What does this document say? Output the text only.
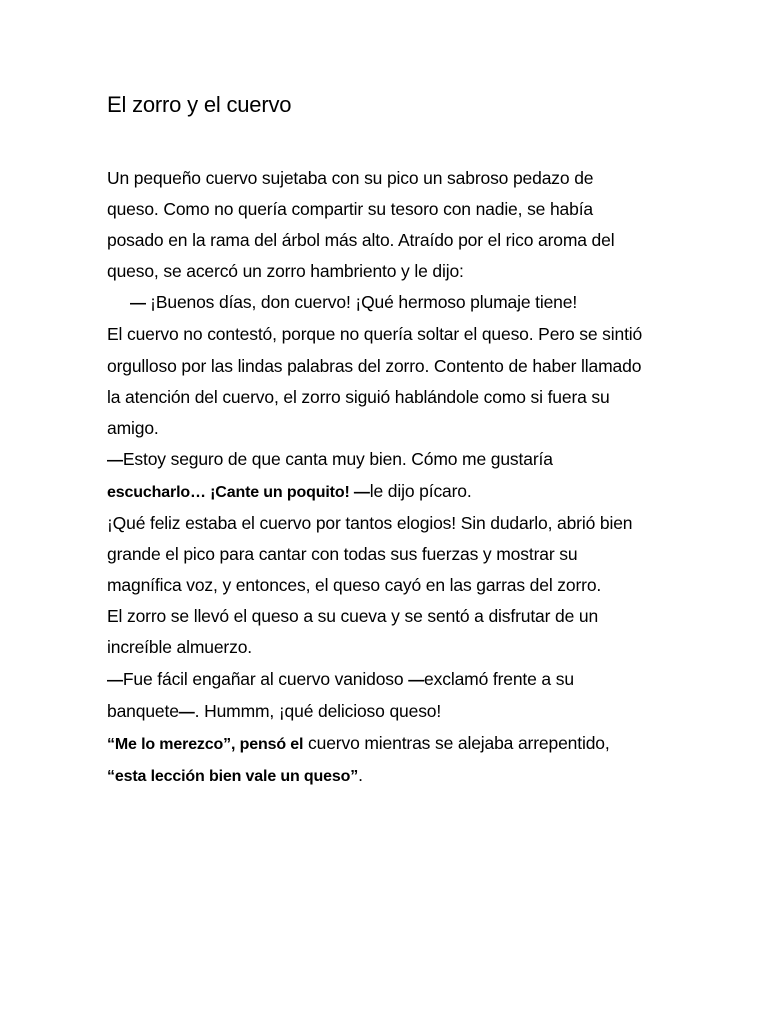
El zorro y el cuervo
Un pequeño cuervo sujetaba con su pico un sabroso pedazo de
queso. Como no quería compartir su tesoro con nadie, se había
posado en la rama del árbol más alto. Atraído por el rico aroma del
queso, se acercó un zorro hambriento y le dijo:
— ¡Buenos días, don cuervo! ¡Qué hermoso plumaje tiene!
El cuervo no contestó, porque no quería soltar el queso. Pero se sintió
orgulloso por las lindas palabras del zorro. Contento de haber llamado
la atención del cuervo, el zorro siguió hablándole como si fuera su
amigo.
—Estoy seguro de que canta muy bien. Cómo me gustaría
escucharlo… ¡Cante un poquito! —le dijo pícaro.
¡Qué feliz estaba el cuervo por tantos elogios! Sin dudarlo, abrió bien
grande el pico para cantar con todas sus fuerzas y mostrar su
magnífica voz, y entonces, el queso cayó en las garras del zorro.
El zorro se llevó el queso a su cueva y se sentó a disfrutar de un
increíble almuerzo.
—Fue fácil engañar al cuervo vanidoso —exclamó frente a su
banquete—. Hummm, ¡qué delicioso queso!
“Me lo merezco”, pensó el cuervo mientras se alejaba arrepentido,
“esta lección bien vale un queso”.
